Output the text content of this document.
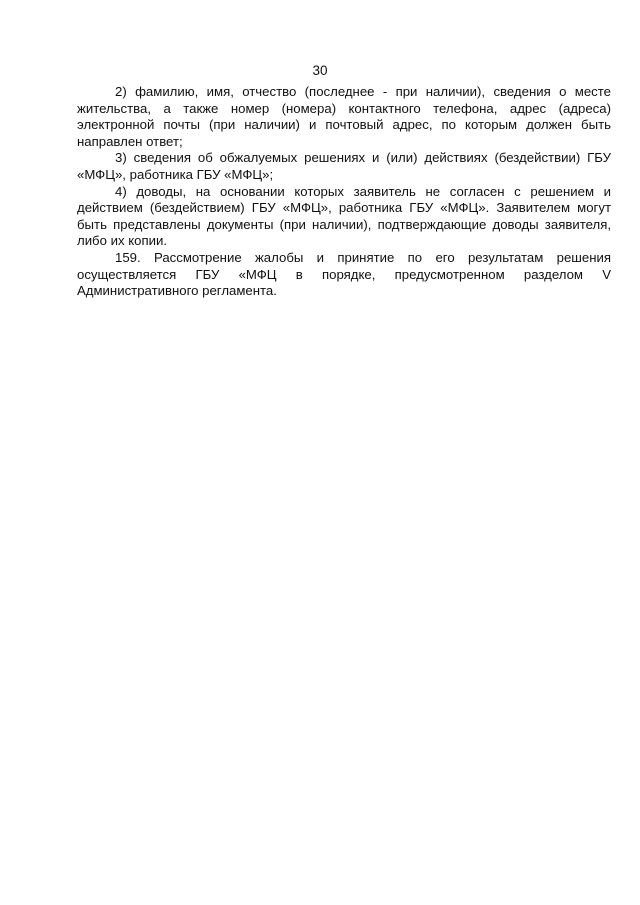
30

2) фамилию, имя, отчество (последнее - при наличии), сведения о месте жительства, а также номер (номера) контактного телефона, адрес (адреса) электронной почты (при наличии) и почтовый адрес, по которым должен быть направлен ответ;

3) сведения об обжалуемых решениях и (или) действиях (бездействии) ГБУ «МФЦ», работника ГБУ «МФЦ»;

4) доводы, на основании которых заявитель не согласен с решением и действием (бездействием) ГБУ «МФЦ», работника ГБУ «МФЦ». Заявителем могут быть представлены документы (при наличии), подтверждающие доводы заявителя, либо их копии.

159. Рассмотрение жалобы и принятие по его результатам решения осуществляется ГБУ «МФЦ в порядке, предусмотренном разделом V Административного регламента.
